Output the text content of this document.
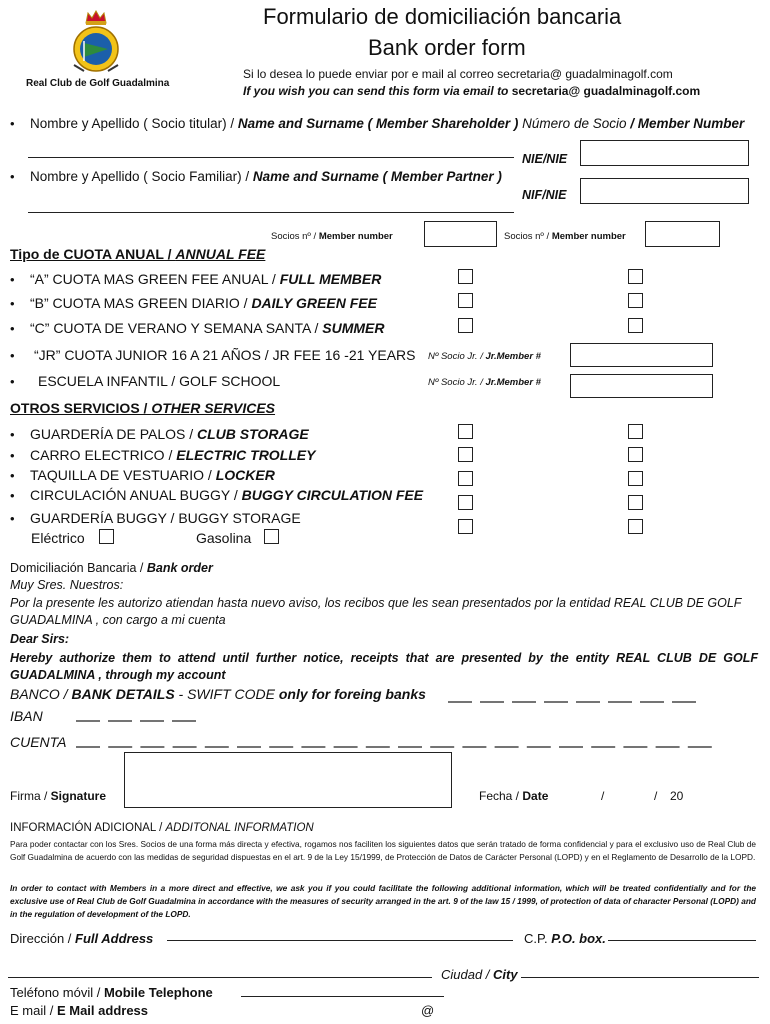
Real Club de Golf Guadalmina
Formulario de domiciliación bancaria
Bank order form
Si lo desea lo puede enviar por e mail al correo secretaria@ guadalminagolf.com
If you wish you can send this form via email to secretaria@ guadalminagolf.com
• Nombre y Apellido ( Socio titular) / Name and Surname ( Member Shareholder ) Número de Socio / Member Number
NIE/NIE
• Nombre y Apellido ( Socio Familiar) / Name and Surname ( Member Partner )
NIF/NIE
Socios nº / Member number	Socios nº / Member number
Tipo de CUOTA ANUAL / ANNUAL FEE
• “A” CUOTA MAS GREEN FEE ANUAL / FULL MEMBER
• “B” CUOTA MAS GREEN DIARIO / DAILY GREEN FEE
• “C” CUOTA DE VERANO Y SEMANA SANTA / SUMMER
• “JR” CUOTA JUNIOR 16 A 21 AÑOS / JR FEE 16 -21 YEARS Nº Socio Jr. / Jr.Member #
• ESCUELA INFANTIL / GOLF SCHOOL	Nº Socio Jr. / Jr.Member #
OTROS SERVICIOS / OTHER SERVICES
• GUARDERÍA DE PALOS / CLUB STORAGE
• CARRO ELECTRICO / ELECTRIC TROLLEY
• TAQUILLA DE VESTUARIO / LOCKER
• CIRCULACIÓN ANUAL BUGGY / BUGGY CIRCULATION FEE
• GUARDERÍA BUGGY / BUGGY STORAGE
Eléctrico	Gasolina
Domiciliación Bancaria / Bank order
Muy Sres. Nuestros:
Por la presente les autorizo atiendan hasta nuevo aviso, los recibos que les sean presentados por la entidad REAL CLUB DE GOLF GUADALMINA , con cargo a mi cuenta
Dear Sirs:
Hereby authorize them to attend until further notice, receipts that are presented by the entity REAL CLUB DE GOLF GUADALMINA , through my account
BANCO / BANK DETAILS - SWIFT CODE only for foreing banks
IBAN
CUENTA
Firma / Signature	Fecha / Date	/	/ 20
INFORMACIÓN ADICIONAL / ADDITONAL INFORMATION
Para poder contactar con los Sres. Socios de una forma más directa y efectiva, rogamos nos faciliten los siguientes datos que serán tratado de forma confidencial y para el exclusivo uso de Real Club de Golf Guadalmina de acuerdo con las medidas de seguridad dispuestas en el art. 9 de la Ley 15/1999, de Protección de Datos de Carácter Personal (LOPD) y en el Reglamento de Desarrollo de la LOPD.
In order to contact with Members in a more direct and effective, we ask you if you could facilitate the following additional information, which will be treated confidentially and for the exclusive use of Real Club de Golf Guadalmina in accordance with the measures of security arranged in the art. 9 of the law 15 / 1999, of protection of data of character Personal (LOPD) and in the regulation of development of the LOPD.
Dirección / Full Address	C.P. P.O. box.
Ciudad / City
Teléfono móvil / Mobile Telephone
E mail / E Mail address	@
